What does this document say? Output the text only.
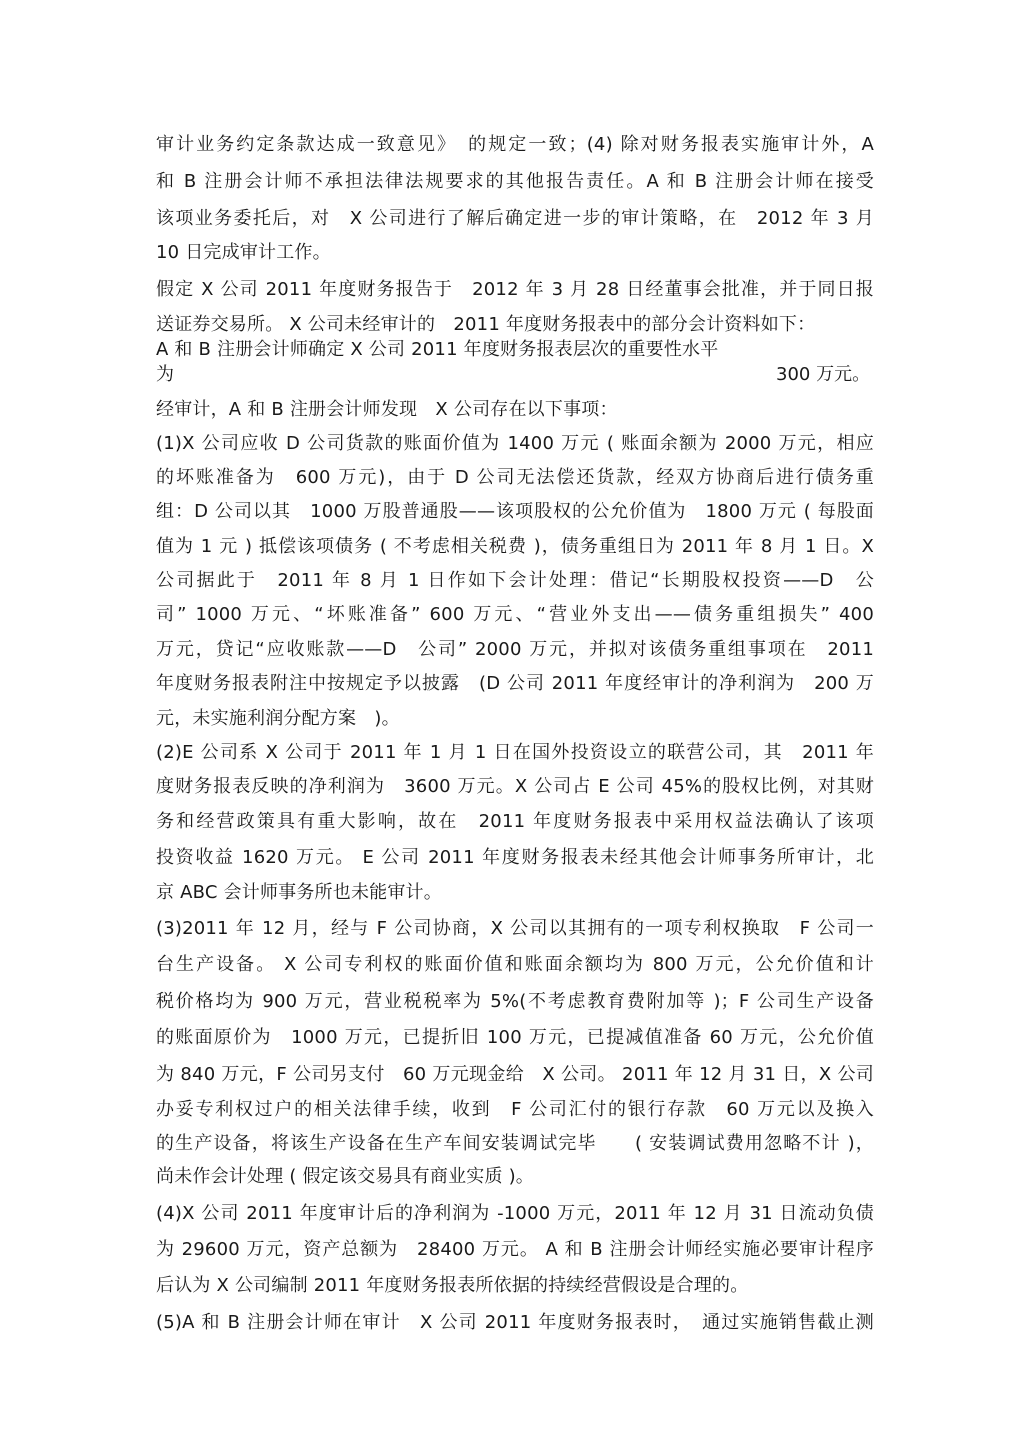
审计业务约定条款达成一致意见》　的规定一致；(4) 除对财务报表实施审计外，A
和 B 注册会计师不承担法律法规要求的其他报告责任。A 和 B 注册会计师在接受
该项业务委托后，对　X 公司进行了解后确定进一步的审计策略，在　2012 年 3 月
10 日完成审计工作。
假定 X 公司 2011 年度财务报告于　2012 年 3 月 28 日经董事会批准，并于同日报
送证券交易所。 X 公司未经审计的　2011 年度财务报表中的部分会计资料如下：
A 和 B 注册会计师确定 X 公司 2011 年度财务报表层次的重要性水平
为	300 万元。
经审计，A 和 B 注册会计师发现　X 公司存在以下事项：
(1)X 公司应收 D 公司货款的账面价值为 1400 万元 ( 账面余额为 2000 万元，相应
的坏账准备为　600 万元)，由于 D 公司无法偿还货款，经双方协商后进行债务重
组：D 公司以其　1000 万股普通股——该项股权的公允价值为　1800 万元 ( 每股面
值为 1 元 ) 抵偿该项债务 ( 不考虑相关税费 )，债务重组日为 2011 年 8 月 1 日。X
公司据此于　2011 年 8 月 1 日作如下会计处理：借记“长期股权投资——D　公
司” 1000 万元、“坏账准备” 600 万元、“营业外支出——债务重组损失” 400
万元，贷记“应收账款——D　公司” 2000 万元，并拟对该债务重组事项在　2011
年度财务报表附注中按规定予以披露　(D 公司 2011 年度经审计的净利润为　200 万
元，未实施利润分配方案　)。
(2)E 公司系 X 公司于 2011 年 1 月 1 日在国外投资设立的联营公司，其　2011 年
度财务报表反映的净利润为　3600 万元。X 公司占 E 公司 45%的股权比例，对其财
务和经营政策具有重大影响，故在　2011 年度财务报表中采用权益法确认了该项
投资收益 1620 万元。 E 公司 2011 年度财务报表未经其他会计师事务所审计，北
京 ABC 会计师事务所也未能审计。
(3)2011 年 12 月，经与 F 公司协商，X 公司以其拥有的一项专利权换取　F 公司一
台生产设备。 X 公司专利权的账面价值和账面余额均为 800 万元，公允价值和计
税价格均为 900 万元，营业税税率为 5%(不考虑教育费附加等 )；F 公司生产设备
的账面原价为　1000 万元，已提折旧 100 万元，已提减值准备 60 万元，公允价值
为 840 万元，F 公司另支付　60 万元现金给　X 公司。 2011 年 12 月 31 日，X 公司
办妥专利权过户的相关法律手续，收到　F 公司汇付的银行存款　60 万元以及换入
的生产设备，将该生产设备在生产车间安装调试完毕　　( 安装调试费用忽略不计 )，
尚未作会计处理 ( 假定该交易具有商业实质 )。
(4)X 公司 2011 年度审计后的净利润为 -1000 万元，2011 年 12 月 31 日流动负债
为 29600 万元，资产总额为　28400 万元。 A 和 B 注册会计师经实施必要审计程序
后认为 X 公司编制 2011 年度财务报表所依据的持续经营假设是合理的。
(5)A 和 B 注册会计师在审计　X 公司 2011 年度财务报表时，　通过实施销售截止测
